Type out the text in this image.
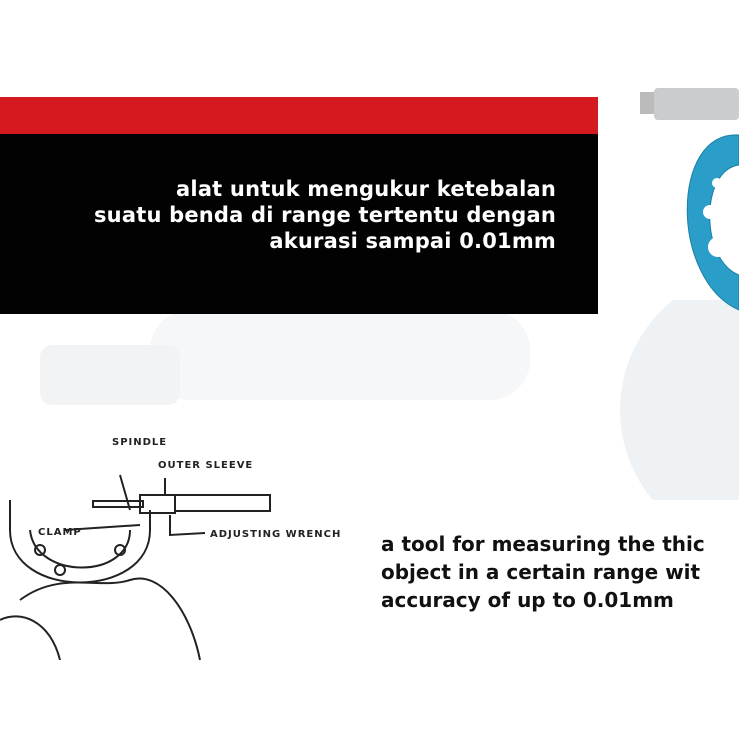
alat untuk mengukur ketebalan
suatu benda di range tertentu dengan
akurasi sampai 0.01mm
SPINDLE
OUTER SLEEVE
CLAMP	ADJUSTING WRENCH a tool for measuring the thic
object in a certain range wit
accuracy of up to 0.01mm
